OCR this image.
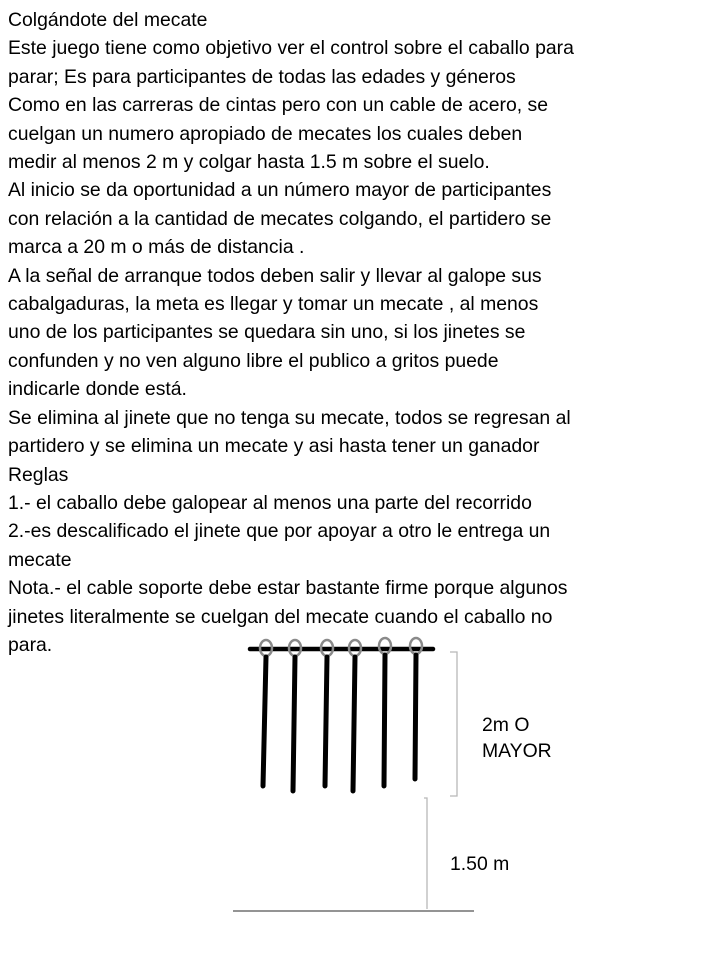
Colgándote del mecate
Este juego tiene como objetivo ver el control sobre el caballo para
parar; Es para participantes de todas las edades y géneros
Como en las carreras de cintas pero con un cable de acero, se
cuelgan un numero apropiado de mecates los cuales deben
medir al menos 2 m y colgar hasta 1.5 m sobre el suelo.
Al inicio se da oportunidad a un número mayor de participantes
con relación a la cantidad de mecates colgando, el partidero se
marca a 20 m o más de distancia .
A la señal de arranque todos deben salir y llevar al galope sus
cabalgaduras, la meta es llegar y tomar un mecate , al menos
uno de los participantes se quedara sin uno, si los jinetes se
confunden y no ven alguno libre el publico a gritos puede
indicarle donde está.
Se elimina al jinete que no tenga su mecate, todos se regresan al
partidero y se elimina un mecate y asi hasta tener un ganador
Reglas
1.- el caballo debe galopear al menos una parte del recorrido
2.-es descalificado el jinete que por apoyar a otro le entrega un
mecate
Nota.- el cable soporte debe estar bastante firme porque algunos
jinetes literalmente se cuelgan del mecate cuando el caballo no
para.
2m O
MAYOR
1.50 m
